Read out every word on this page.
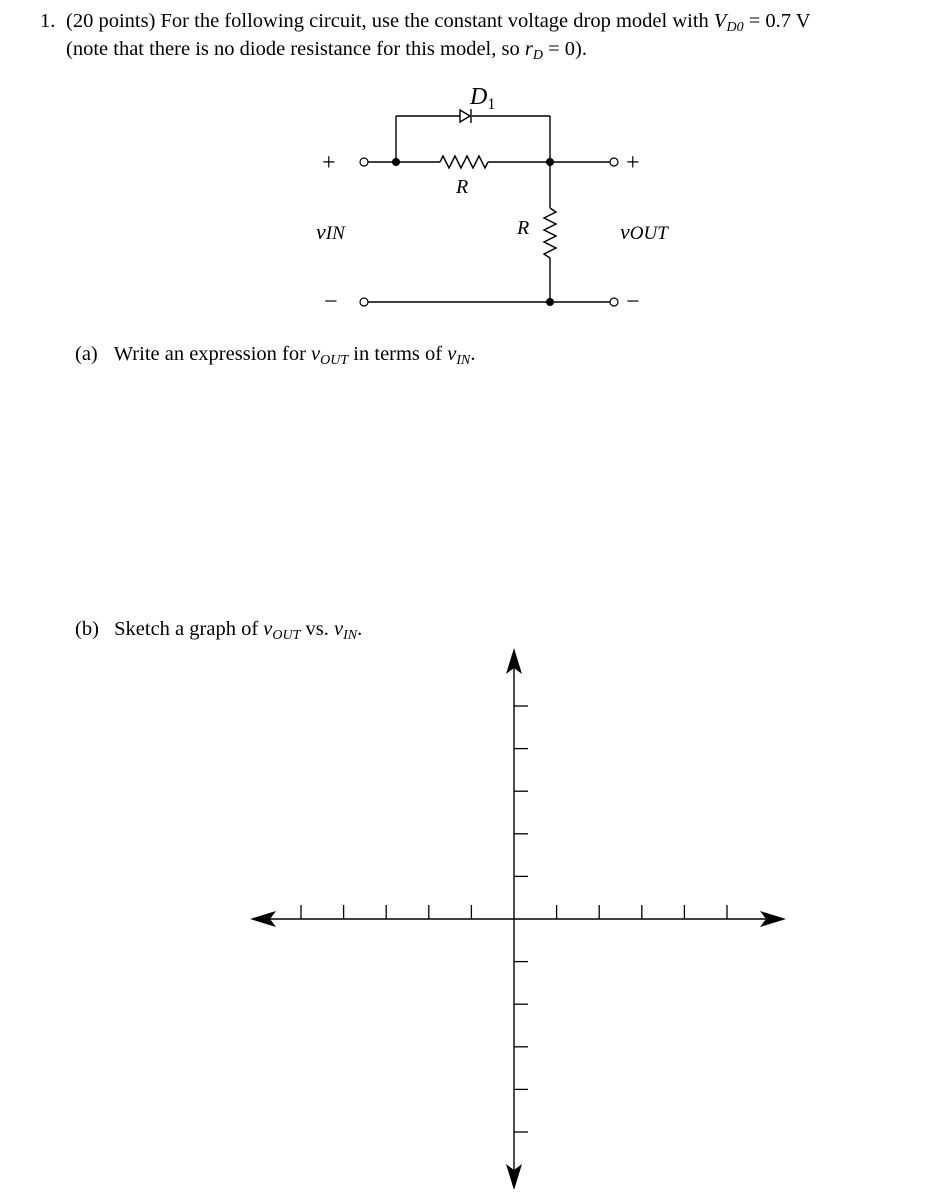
1. (20 points) For the following circuit, use the constant voltage drop model with $V_{D0} = 0.7$ V
(note that there is no diode resistance for this model, so $r_D = 0$).
$D_1$
R
R
+
−
+
−
vIN	vOUT
(a) Write an expression for $v_{OUT}$ in terms of $v_{IN}$.
(b) Sketch a graph of $v_{OUT}$ vs. $v_{IN}$.
